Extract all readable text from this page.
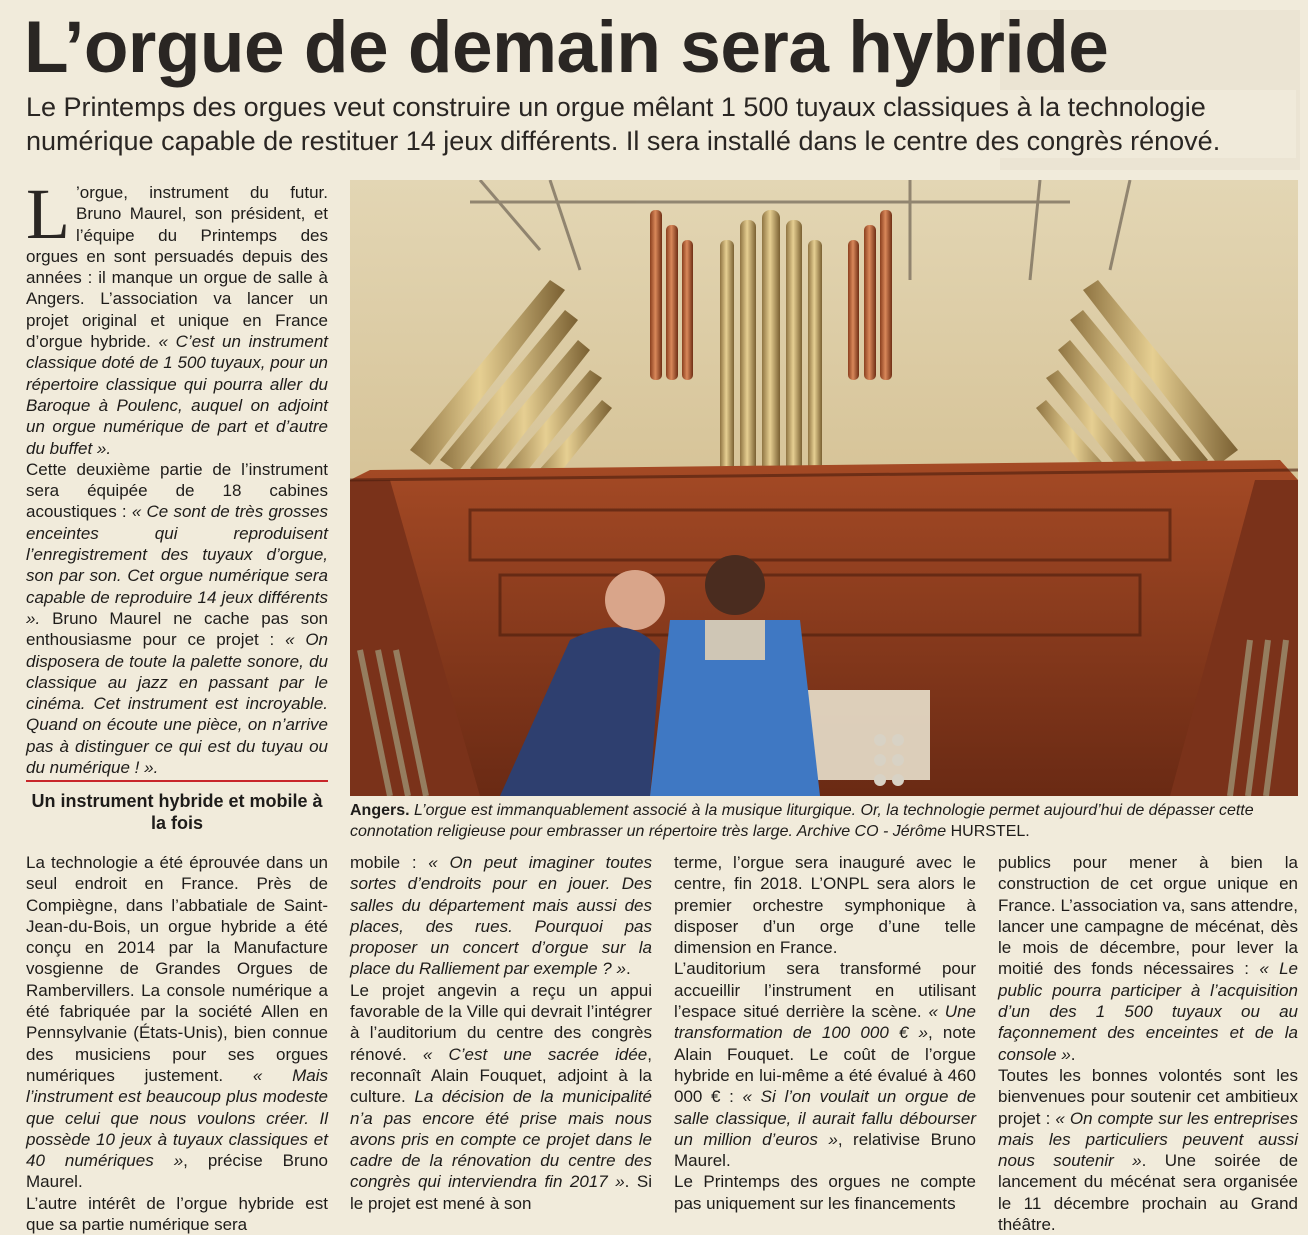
L’orgue de demain sera hybride

Le Printemps des orgues veut construire un orgue mêlant 1 500 tuyaux classiques à la technologie numérique capable de restituer 14 jeux différents. Il sera installé dans le centre des congrès rénové.

L ’orgue, instrument du futur. Bruno Maurel, son président, et l’équipe du Printemps des orgues en sont persuadés depuis des années : il manque un orgue de salle à Angers. L’association va lancer un projet original et unique en France d’orgue hybride. « C’est un instrument classique doté de 1 500 tuyaux, pour un répertoire classique qui pourra aller du Baroque à Poulenc, auquel on adjoint un orgue numérique de part et d’autre du buffet ».

Cette deuxième partie de l’instrument sera équipée de 18 cabines acoustiques : « Ce sont de très grosses enceintes qui reproduisent l’enregistrement des tuyaux d’orgue, son par son. Cet orgue numérique sera capable de reproduire 14 jeux différents ». Bruno Maurel ne cache pas son enthousiasme pour ce projet : « On disposera de toute la palette sonore, du classique au jazz en passant par le cinéma. Cet instrument est incroyable. Quand on écoute une pièce, on n’arrive pas à distinguer ce qui est du tuyau ou du numérique ! ».

Un instrument hybride et mobile à la fois

La technologie a été éprouvée dans un seul endroit en France. Près de Compiègne, dans l’abbatiale de Saint-Jean-du-Bois, un orgue hybride a été conçu en 2014 par la Manufacture vosgienne de Grandes Orgues de Rambervillers. La console numérique a été fabriquée par la société Allen en Pennsylvanie (États-Unis), bien connue des musiciens pour ses orgues numériques justement. « Mais l’instrument est beaucoup plus modeste que celui que nous voulons créer. Il possède 10 jeux à tuyaux classiques et 40 numériques », précise Bruno Maurel.

L’autre intérêt de l’orgue hybride est que sa partie numérique sera

mobile : « On peut imaginer toutes sortes d’endroits pour en jouer. Des salles du département mais aussi des places, des rues. Pourquoi pas proposer un concert d’orgue sur la place du Ralliement par exemple ? ».

Le projet angevin a reçu un appui favorable de la Ville qui devrait l’intégrer à l’auditorium du centre des congrès rénové. « C’est une sacrée idée, reconnaît Alain Fouquet, adjoint à la culture. La décision de la municipalité n’a pas encore été prise mais nous avons pris en compte ce projet dans le cadre de la rénovation du centre des congrès qui interviendra fin 2017 ». Si le projet est mené à son

terme, l’orgue sera inauguré avec le centre, fin 2018. L’ONPL sera alors le premier orchestre symphonique à disposer d’un orge d’une telle dimension en France.

L’auditorium sera transformé pour accueillir l’instrument en utilisant l’espace situé derrière la scène. « Une transformation de 100 000 € », note Alain Fouquet. Le coût de l’orgue hybride en lui-même a été évalué à 460 000 € : « Si l’on voulait un orgue de salle classique, il aurait fallu débourser un million d’euros », relativise Bruno Maurel.

Le Printemps des orgues ne compte pas uniquement sur les financements

publics pour mener à bien la construction de cet orgue unique en France. L’association va, sans attendre, lancer une campagne de mécénat, dès le mois de décembre, pour lever la moitié des fonds nécessaires : « Le public pourra participer à l’acquisition d’un des 1 500 tuyaux ou au façonnement des enceintes et de la console ».

Toutes les bonnes volontés sont les bienvenues pour soutenir cet ambitieux projet : « On compte sur les entreprises mais les particuliers peuvent aussi nous soutenir ». Une soirée de lancement du mécénat sera organisée le 11 décembre prochain au Grand théâtre.

Angers. L’orgue est immanquablement associé à la musique liturgique. Or, la technologie permet aujourd’hui de dépasser cette connotation religieuse pour embrasser un répertoire très large. Archive CO - Jérôme HURSTEL.
